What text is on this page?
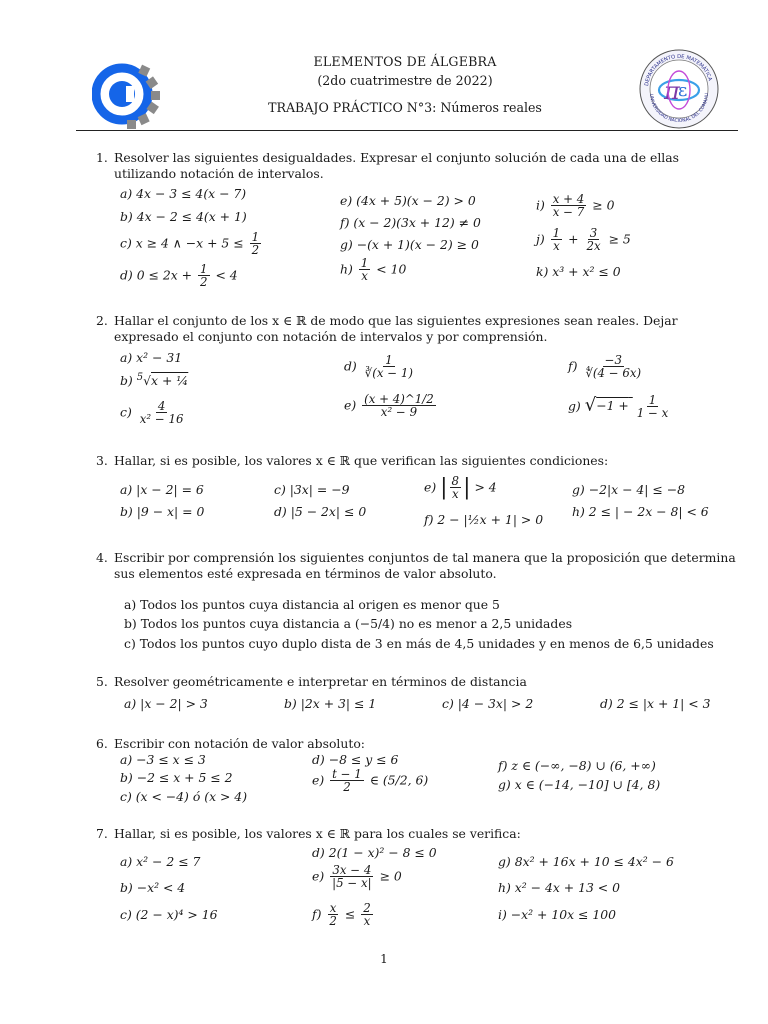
DEPARTAMENTO DE MATEMÁTICA
UNIVERSIDAD NACIONAL DEL COMAHU
π
ε
ELEMENTOS DE ÁLGEBRA
(2do cuatrimestre de 2022)
TRABAJO PRÁCTICO N°3: Números reales
1. Resolver las siguientes desigualdades. Expresar el conjunto solución de cada una de ellas utilizando notación de intervalos.
a) 4x − 3 ≤ 4(x − 7)
b) 4x − 2 ≤ 4(x + 1)
c) x ≥ 4 ∧ $-x + 5 \le \frac{1}{2}$
d) $0 \le 2x + \frac{1}{2} < 4$
e) (4x + 5)(x − 2) > 0
f) (x − 2)(3x + 12) ≠ 0
g) −(x + 1)(x − 2) ≥ 0
$h) \frac{1}{x} < 10$
$i) \frac{x + 4}{x - 7} \ge 0$
$j) \frac{1}{x} + \frac{3}{2x} \ge 5$
k) x³ + x² ≤ 0
2. Hallar el conjunto de los x ∈ ℝ de modo que las siguientes expresiones sean reales. Dejar expresado el conjunto con notación de intervalos y por comprensión.
a) x² − 31
b) $^5$√x + ¼
$c) \frac{4}{\text{x² − 16}}$
$d) \frac{1}{∛(x - 1)}$
$e) \frac{(x + 4)\^{}1/2}{\text{x² − 9}}$
$f) \frac{-3}{∜(4 - 6x)}$
g) $√-1 + \frac{1}{1 - x}$
3. Hallar, si es posible, los valores x ∈ ℝ que verifican las siguientes condiciones:
a) |x − 2| = 6
b) |9 − x| = 0
c) |3x| = −9
d) |5 − 2x| ≤ 0
e) | $\frac{8}{x}$ | > 4
f) 2 − |½x + 1| > 0
g) −2|x − 4| ≤ −8
h) 2 ≤ | − 2x − 8| < 6
4. Escribir por comprensión los siguientes conjuntos de tal manera que la proposición que determina sus elementos esté expresada en términos de valor absoluto.
a) Todos los puntos cuya distancia al origen es menor que 5
b) Todos los puntos cuya distancia a (−5/4) no es menor a 2,5 unidades
c) Todos los puntos cuyo duplo dista de 3 en más de 4,5 unidades y en menos de 6,5 unidades
5. Resolver geométricamente e interpretar en términos de distancia
a) |x − 2| > 3	b) |2x + 3| ≤ 1	c) |4 − 3x| > 2	d) 2 ≤ |x + 1| < 3
6. Escribir con notación de valor absoluto:
a) −3 ≤ x ≤ 3
b) −2 ≤ x + 5 ≤ 2
c) (x < −4) ó (x > 4)
d) −8 ≤ y ≤ 6
$e) \frac{t - 1}{2}$ ∈ (5/2, 6)
f) z ∈ (−∞, −8) ∪ (6, +∞)
g) x ∈ (−14, −10] ∪ [4, 8)
7. Hallar, si es posible, los valores x ∈ ℝ para los cuales se verifica:
a) x² − 2 ≤ 7
b) −x² < 4
c) (2 − x)⁴ > 16
d) 2(1 − x)² − 8 ≤ 0
$e) \frac{3x - 4}{|5 - x|} \ge 0$
$f) \frac{x}{2} \le \frac{2}{x}$
g) 8x² + 16x + 10 ≤ 4x² − 6
h) x² − 4x + 13 < 0
i) −x² + 10x ≤ 100
1
